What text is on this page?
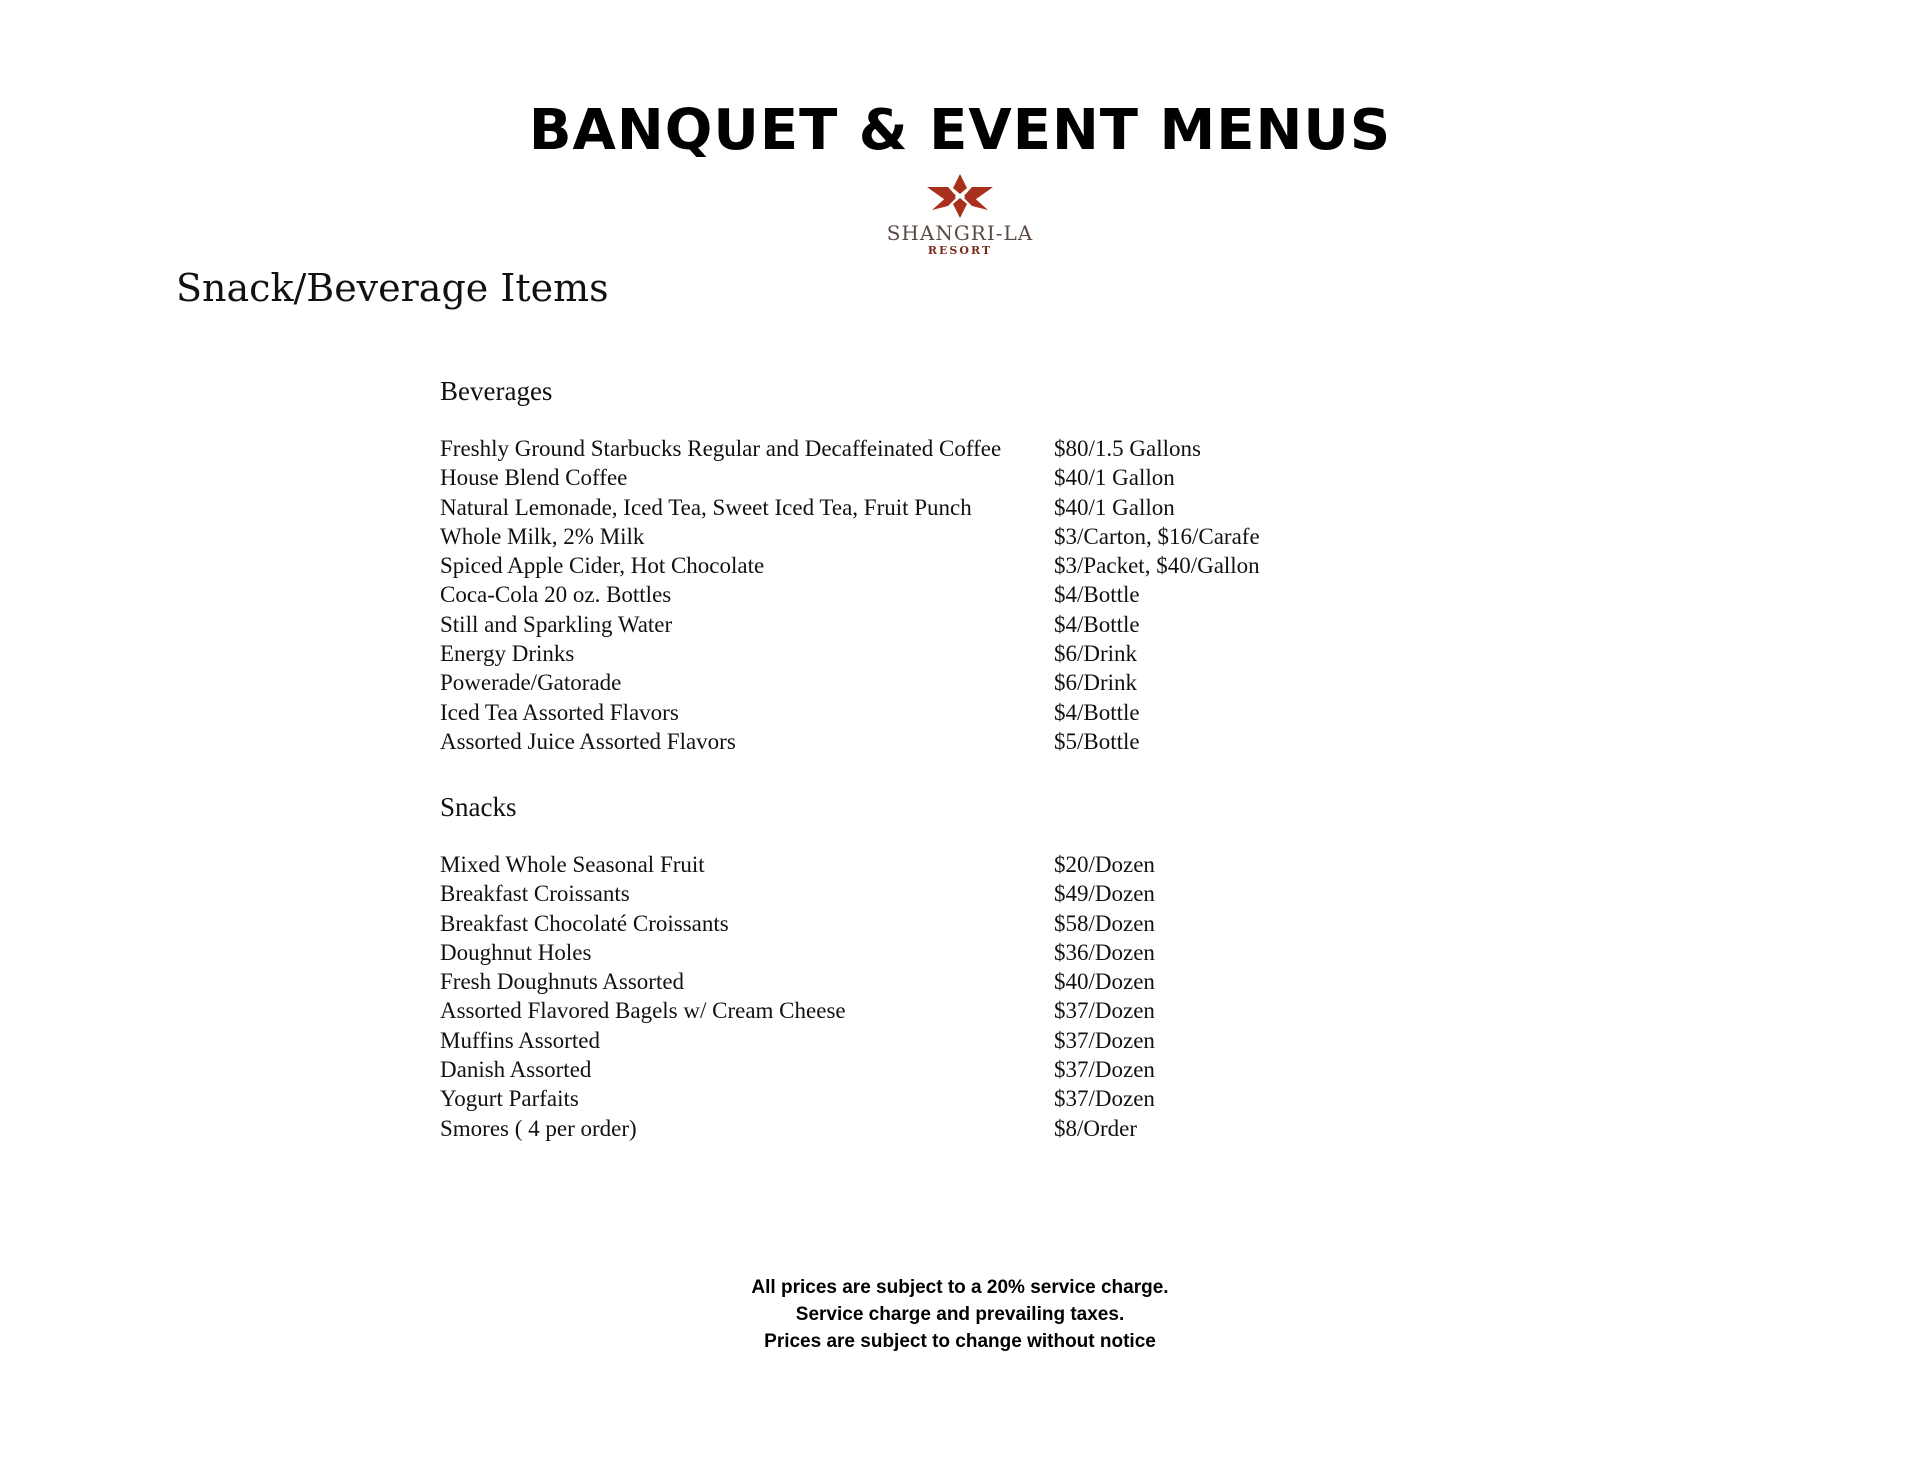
BANQUET & EVENT MENUS
SHANGRI-LA
RESORT
Snack/Beverage Items
Beverages
Freshly Ground Starbucks Regular and Decaffeinated Coffee	$80/1.5 Gallons
House Blend Coffee	$40/1 Gallon
Natural Lemonade, Iced Tea, Sweet Iced Tea, Fruit Punch	$40/1 Gallon
Whole Milk, 2% Milk	$3/Carton, $16/Carafe
Spiced Apple Cider, Hot Chocolate	$3/Packet, $40/Gallon
Coca-Cola 20 oz. Bottles	$4/Bottle
Still and Sparkling Water	$4/Bottle
Energy Drinks	$6/Drink
Powerade/Gatorade	$6/Drink
Iced Tea Assorted Flavors	$4/Bottle
Assorted Juice Assorted Flavors	$5/Bottle
Snacks
Mixed Whole Seasonal Fruit	$20/Dozen
Breakfast Croissants	$49/Dozen
Breakfast Chocolaté Croissants	$58/Dozen
Doughnut Holes	$36/Dozen
Fresh Doughnuts Assorted	$40/Dozen
Assorted Flavored Bagels w/ Cream Cheese	$37/Dozen
Muffins Assorted	$37/Dozen
Danish Assorted	$37/Dozen
Yogurt Parfaits	$37/Dozen
Smores ( 4 per order)	$8/Order
All prices are subject to a 20% service charge.
Service charge and prevailing taxes.
Prices are subject to change without notice
